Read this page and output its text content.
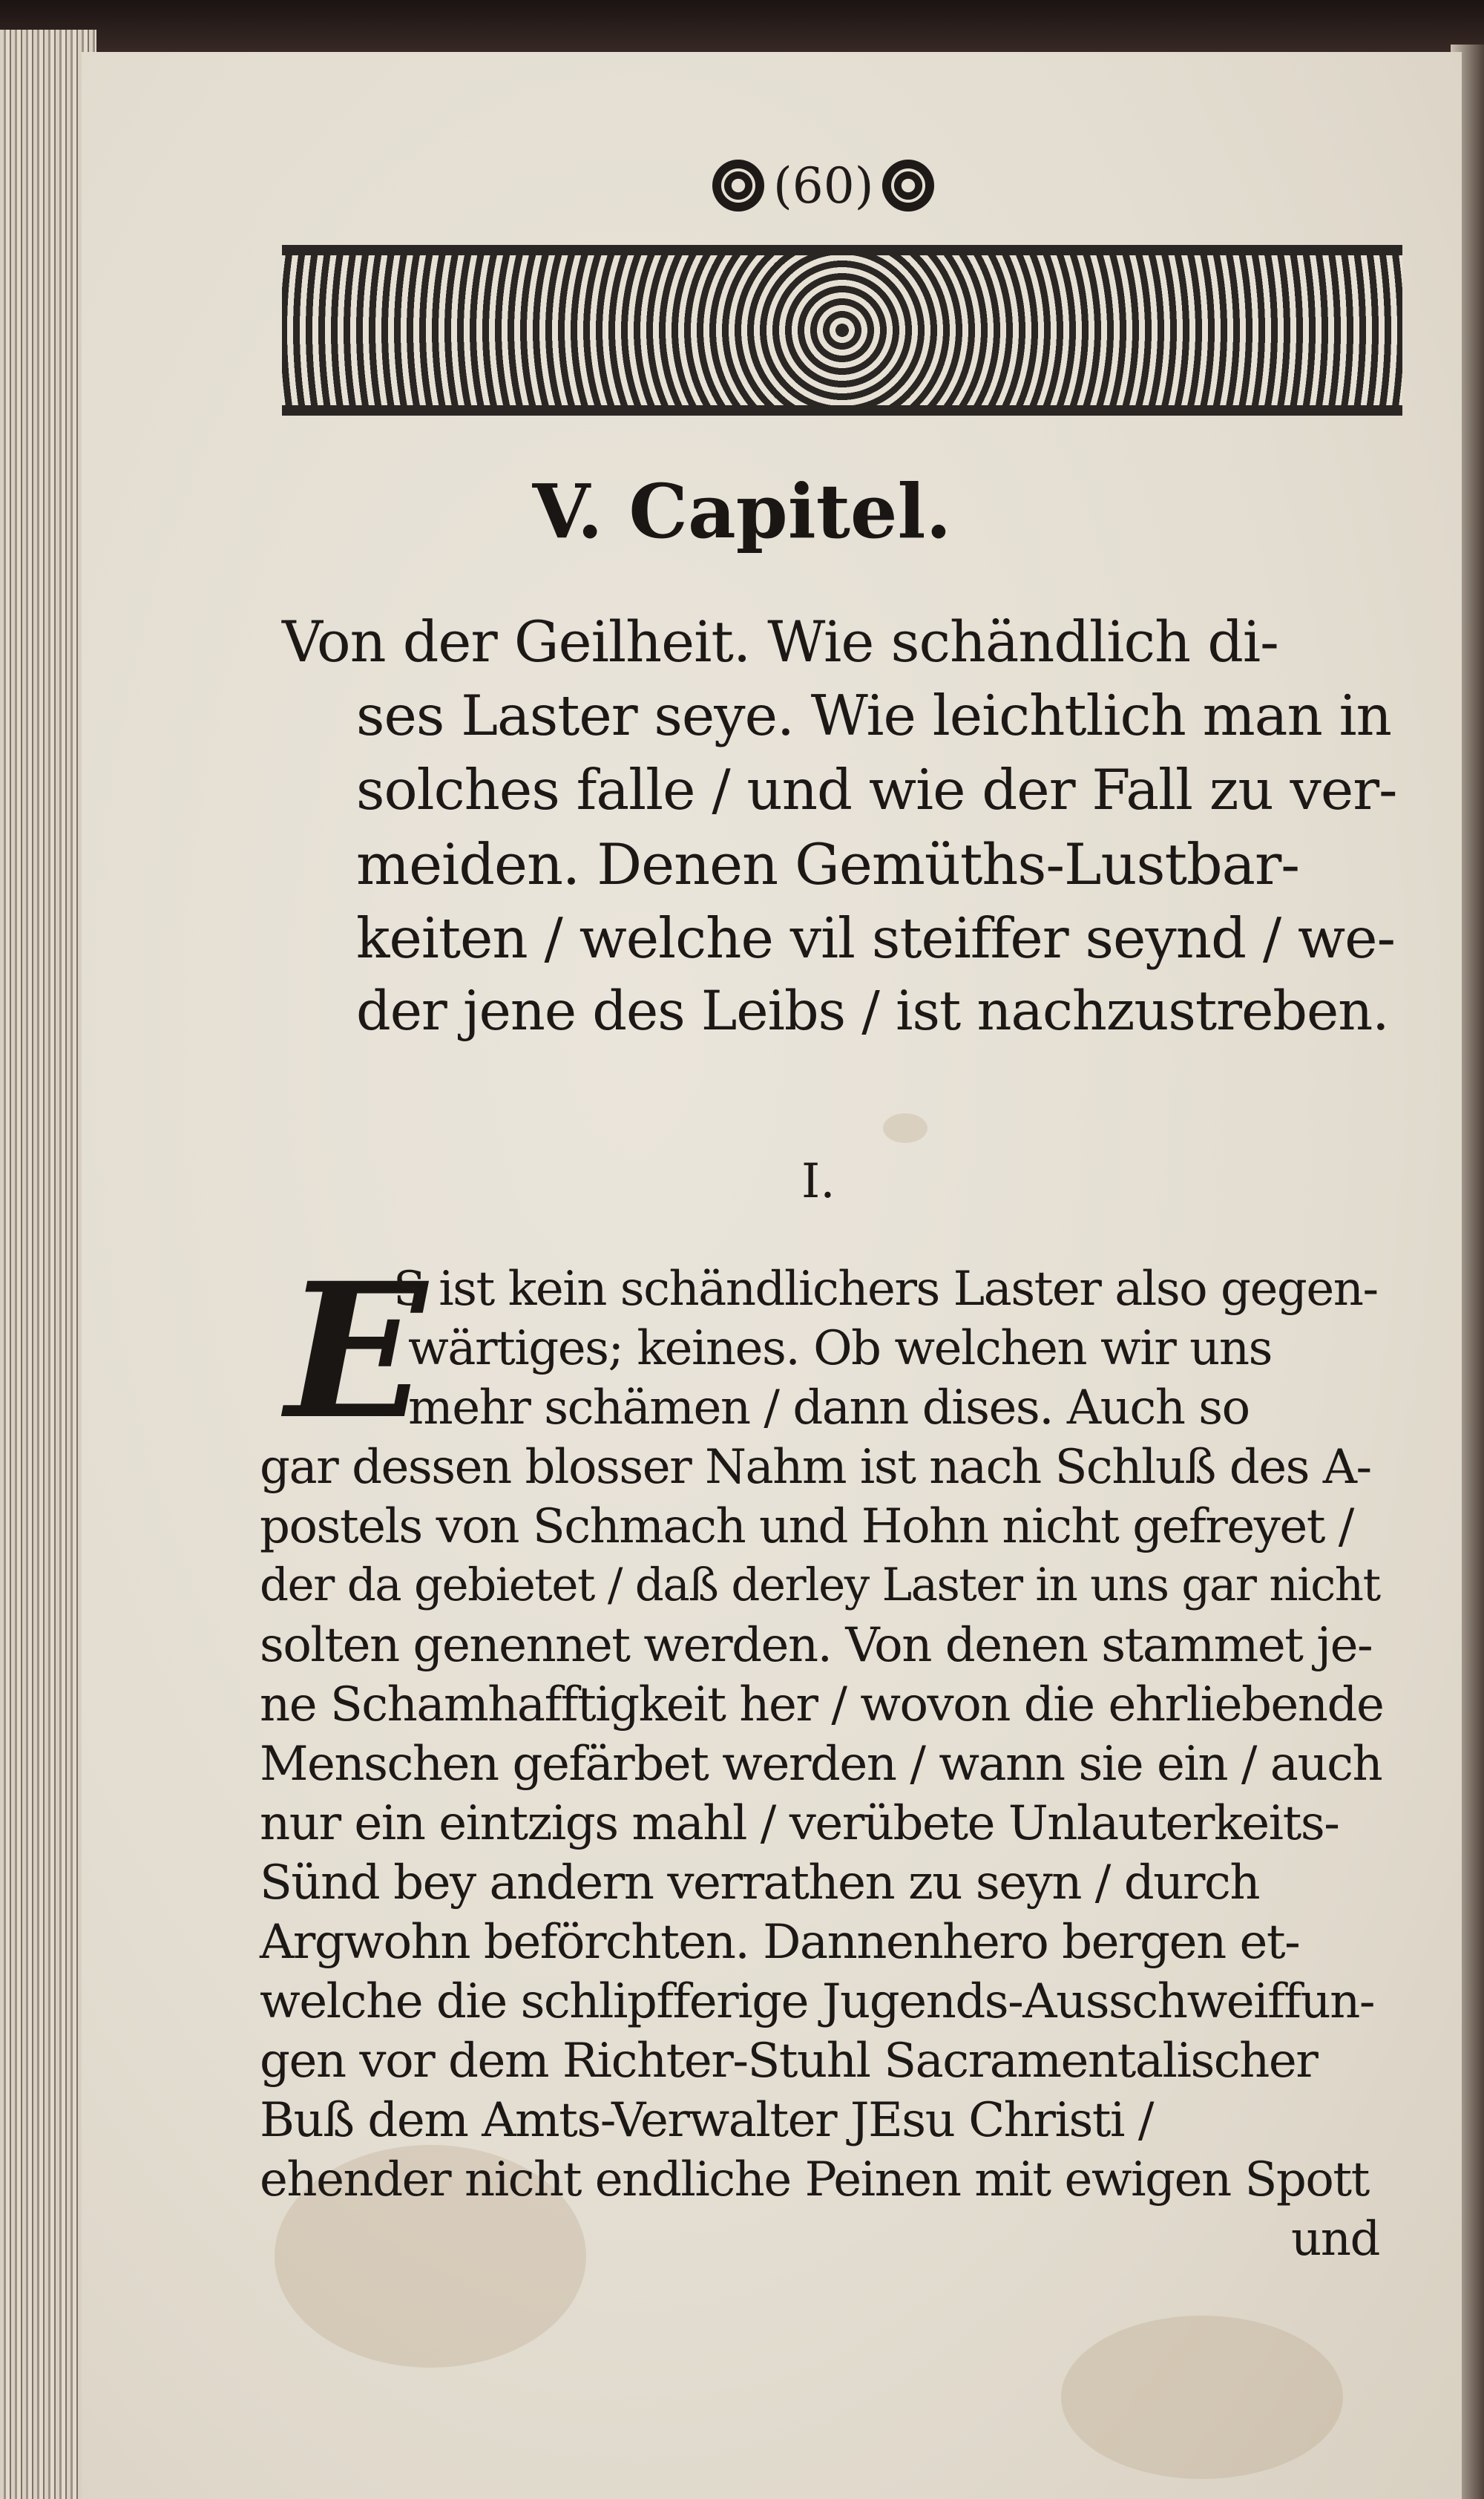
(60)
V. Capitel.
Von der Geilheit. Wie schändlich di-
ses Laster seye. Wie leichtlich man in
solches falle / und wie der Fall zu ver-
meiden. Denen Gemüths-Lustbar-
keiten / welche vil steiffer seynd / we-
der jene des Leibs / ist nachzustreben.
I.
E
S ist kein schändlichers Laster also gegen-
wärtiges; keines. Ob welchen wir uns
mehr schämen / dann dises. Auch so
gar dessen blosser Nahm ist nach Schluß des A-
postels von Schmach und Hohn nicht gefreyet /
der da gebietet / daß derley Laster in uns gar nicht
solten genennet werden. Von denen stammet je-
ne Schamhafftigkeit her / wovon die ehrliebende
Menschen gefärbet werden / wann sie ein / auch
nur ein eintzigs mahl / verübete Unlauterkeits-
Sünd bey andern verrathen zu seyn / durch
Argwohn beförchten. Dannenhero bergen et-
welche die schlipfferige Jugends-Ausschweiffun-
gen vor dem Richter-Stuhl Sacramentalischer
Buß dem Amts-Verwalter JEsu Christi /
ehender nicht endliche Peinen mit ewigen Spott
und
